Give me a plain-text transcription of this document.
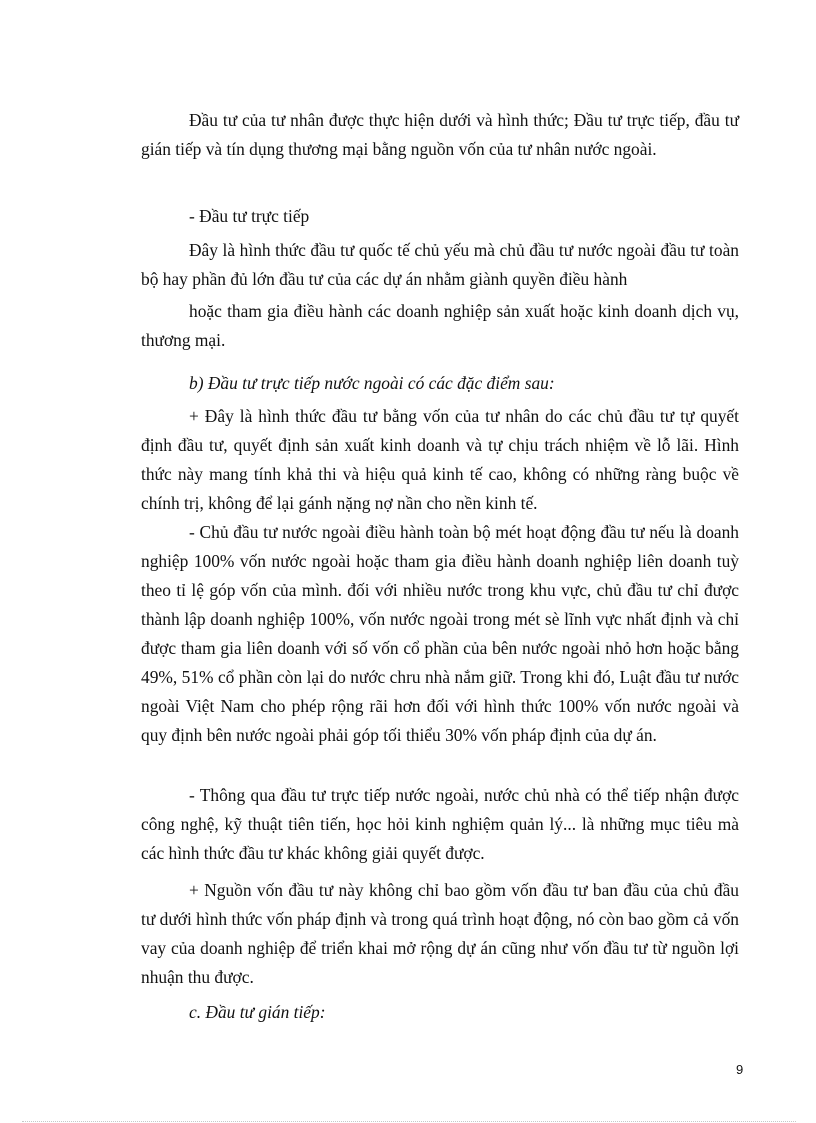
Đầu tư của tư nhân được thực hiện dưới và hình thức; Đầu tư trực tiếp, đầu tư gián tiếp và tín dụng thương mại bằng nguồn vốn của tư nhân nước ngoài.

- Đầu tư trực tiếp

Đây là hình thức đầu tư quốc tế chủ yếu mà chủ đầu tư nước ngoài đầu tư toàn bộ hay phần đủ lớn đầu tư của các dự án nhằm giành quyền điều hành

hoặc tham gia điều hành các doanh nghiệp sản xuất hoặc kinh doanh dịch vụ, thương mại.

b) Đầu tư trực tiếp nước ngoài có các đặc điểm sau:

+ Đây là hình thức đầu tư bằng vốn của tư nhân do các chủ đầu tư tự quyết định đầu tư, quyết định sản xuất kinh doanh và tự chịu trách nhiệm về lỗ lãi. Hình thức này mang tính khả thi và hiệu quả kinh tế cao, không có những ràng buộc về chính trị, không để lại gánh nặng nợ nần cho nền kinh tế.

- Chủ đầu tư nước ngoài điều hành toàn bộ mét hoạt động đầu tư nếu là doanh nghiệp 100% vốn nước ngoài hoặc tham gia điều hành doanh nghiệp liên doanh tuỳ theo tỉ lệ góp vốn của mình. đối với nhiều nước trong khu vực, chủ đầu tư chỉ được thành lập doanh nghiệp 100%, vốn nước ngoài trong mét sè lĩnh vực nhất định và chỉ được tham gia liên doanh với số vốn cổ phần của bên nước ngoài nhỏ hơn hoặc bằng 49%, 51% cổ phần còn lại do nước chru nhà nắm giữ. Trong khi đó, Luật đầu tư nước ngoài Việt Nam cho phép rộng rãi hơn đối với hình thức 100% vốn nước ngoài và quy định bên nước ngoài phải góp tối thiểu 30% vốn pháp định của dự án.

- Thông qua đầu tư trực tiếp nước ngoài, nước chủ nhà có thể tiếp nhận được công nghệ, kỹ thuật tiên tiến, học hỏi kinh nghiệm quản lý... là những mục tiêu mà các hình thức đầu tư khác không giải quyết được.

+ Nguồn vốn đầu tư này không chỉ bao gồm vốn đầu tư ban đầu của chủ đầu tư dưới hình thức vốn pháp định và trong quá trình hoạt động, nó còn bao gồm cả vốn vay của doanh nghiệp để triển khai mở rộng dự án cũng như vốn đầu tư từ nguồn lợi nhuận thu được.

c. Đầu tư gián tiếp:

9
